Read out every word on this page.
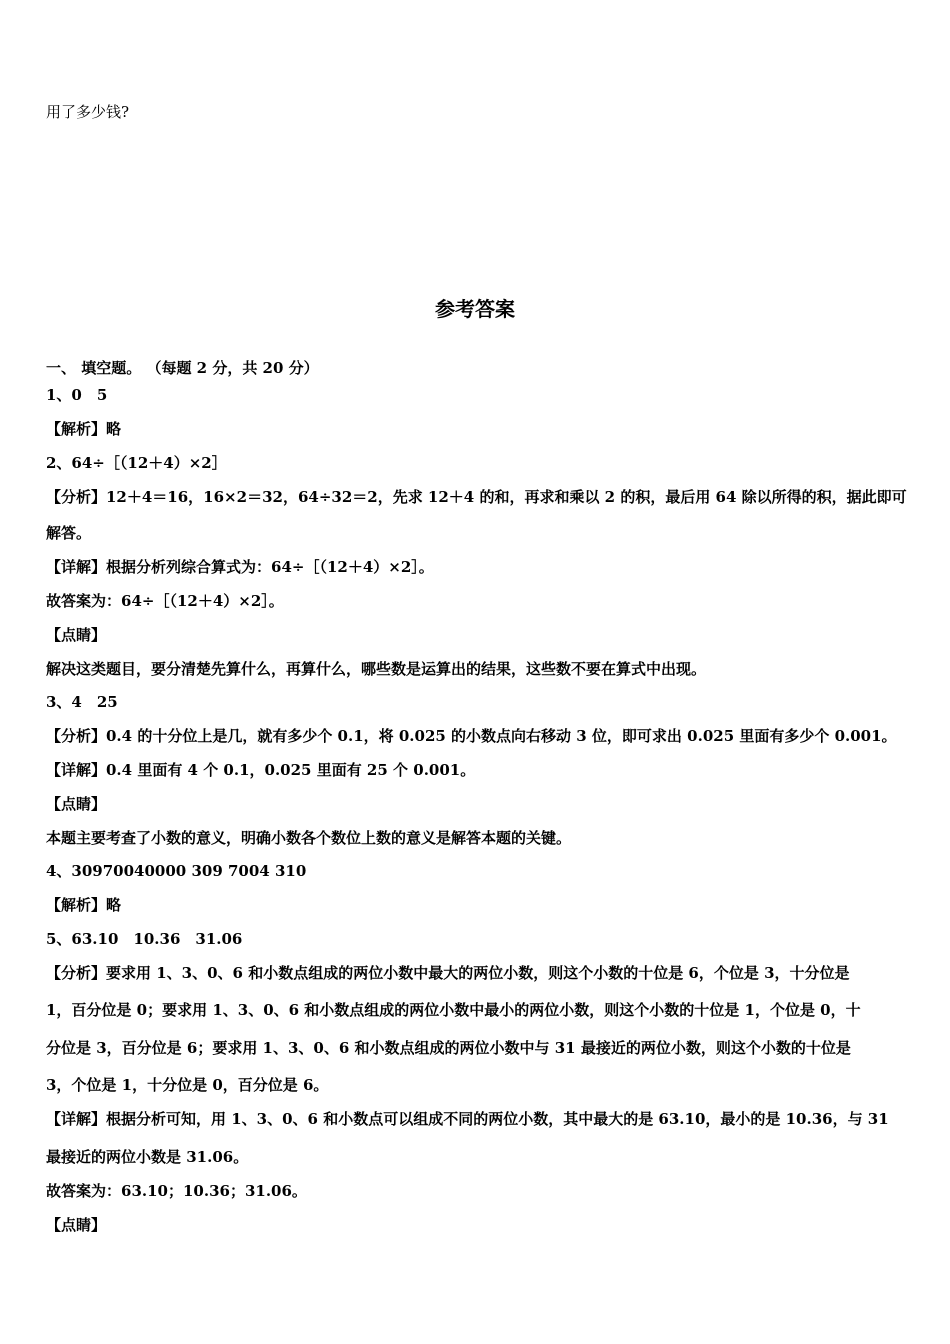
用了多少钱?
参考答案
一、 填空题。 （每题 2 分，共 20 分）
1、0　5
【解析】略
2、64÷［（12＋4）×2］
【分析】12＋4＝16，16×2＝32，64÷32＝2，先求 12＋4 的和，再求和乘以 2 的积，最后用 64 除以所得的积，据此即可
解答。
【详解】根据分析列综合算式为：64÷［（12＋4）×2］。
故答案为：64÷［（12＋4）×2］。
【点睛】
解决这类题目，要分清楚先算什么，再算什么，哪些数是运算出的结果，这些数不要在算式中出现。
3、4　25
【分析】0.4 的十分位上是几，就有多少个 0.1，将 0.025 的小数点向右移动 3 位，即可求出 0.025 里面有多少个 0.001。
【详解】0.4 里面有 4 个 0.1，0.025 里面有 25 个 0.001。
【点睛】
本题主要考查了小数的意义，明确小数各个数位上数的意义是解答本题的关键。
4、30970040000 309 7004 310
【解析】略
5、63.10　10.36　31.06
【分析】要求用 1、3、0、6 和小数点组成的两位小数中最大的两位小数，则这个小数的十位是 6，个位是 3，十分位是
1，百分位是 0；要求用 1、3、0、6 和小数点组成的两位小数中最小的两位小数，则这个小数的十位是 1，个位是 0，十
分位是 3，百分位是 6；要求用 1、3、0、6 和小数点组成的两位小数中与 31 最接近的两位小数，则这个小数的十位是
3，个位是 1，十分位是 0，百分位是 6。
【详解】根据分析可知，用 1、3、0、6 和小数点可以组成不同的两位小数，其中最大的是 63.10，最小的是 10.36，与 31
最接近的两位小数是 31.06。
故答案为：63.10；10.36；31.06。
【点睛】
